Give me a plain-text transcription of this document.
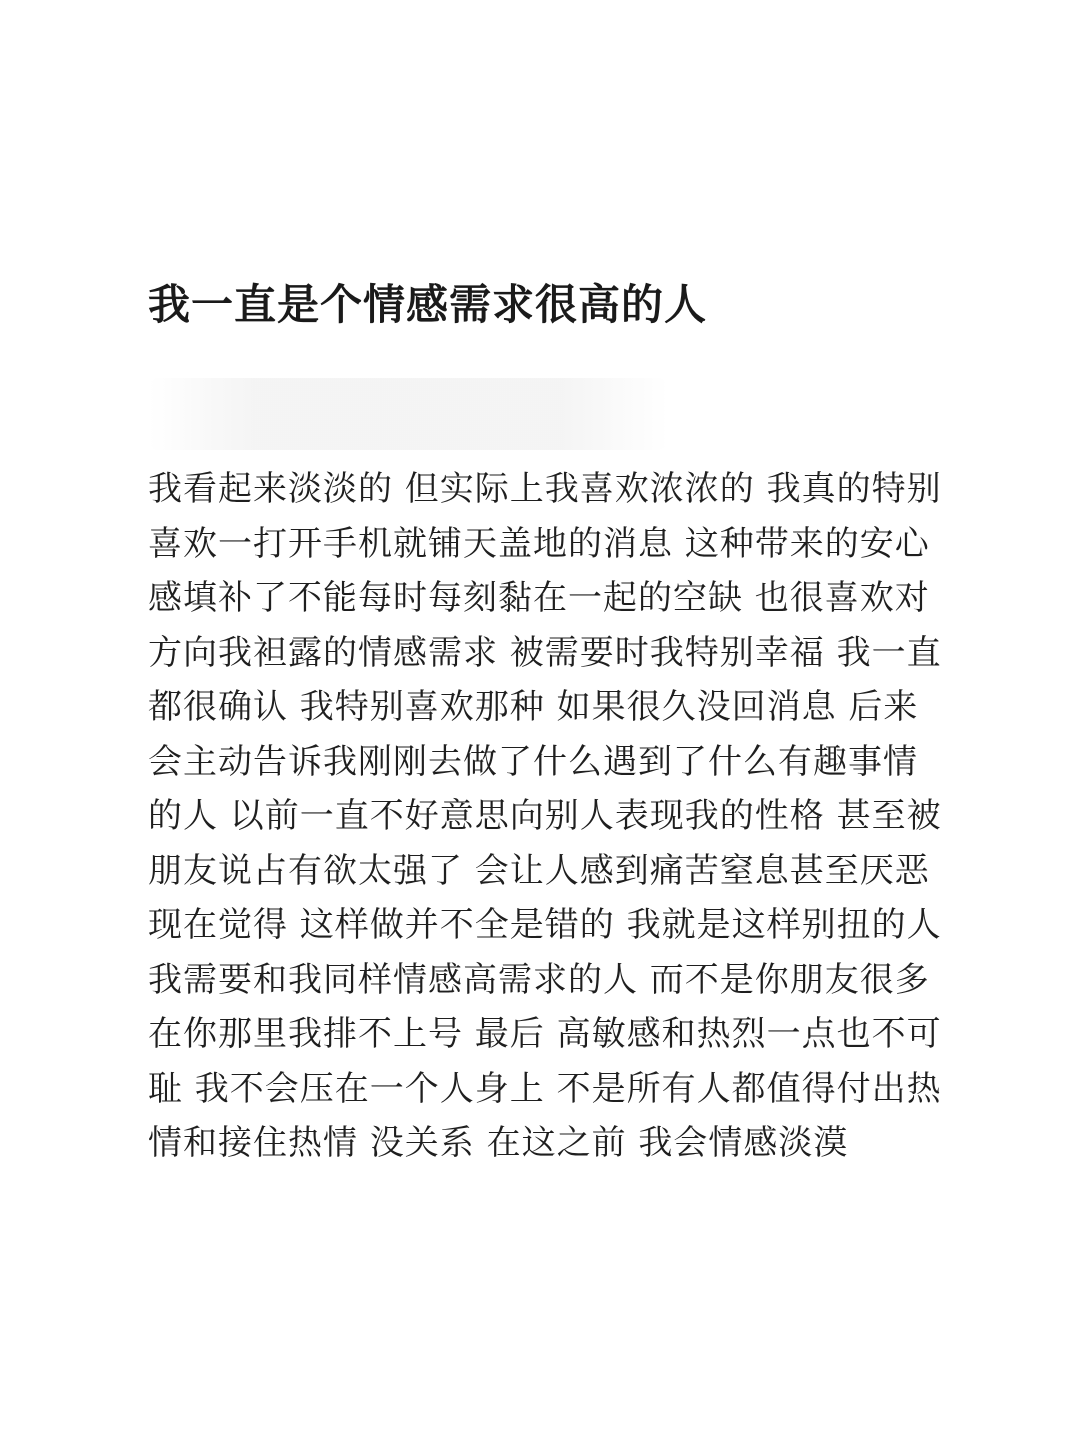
我一直是个情感需求很高的人
我看起来淡淡的 但实际上我喜欢浓浓的 我真的特别
喜欢一打开手机就铺天盖地的消息 这种带来的安心
感填补了不能每时每刻黏在一起的空缺 也很喜欢对
方向我袒露的情感需求 被需要时我特别幸福 我一直
都很确认 我特别喜欢那种 如果很久没回消息 后来
会主动告诉我刚刚去做了什么遇到了什么有趣事情
的人 以前一直不好意思向别人表现我的性格 甚至被
朋友说占有欲太强了 会让人感到痛苦窒息甚至厌恶
现在觉得 这样做并不全是错的 我就是这样别扭的人
我需要和我同样情感高需求的人 而不是你朋友很多
在你那里我排不上号 最后 高敏感和热烈一点也不可
耻 我不会压在一个人身上 不是所有人都值得付出热
情和接住热情 没关系 在这之前 我会情感淡漠
